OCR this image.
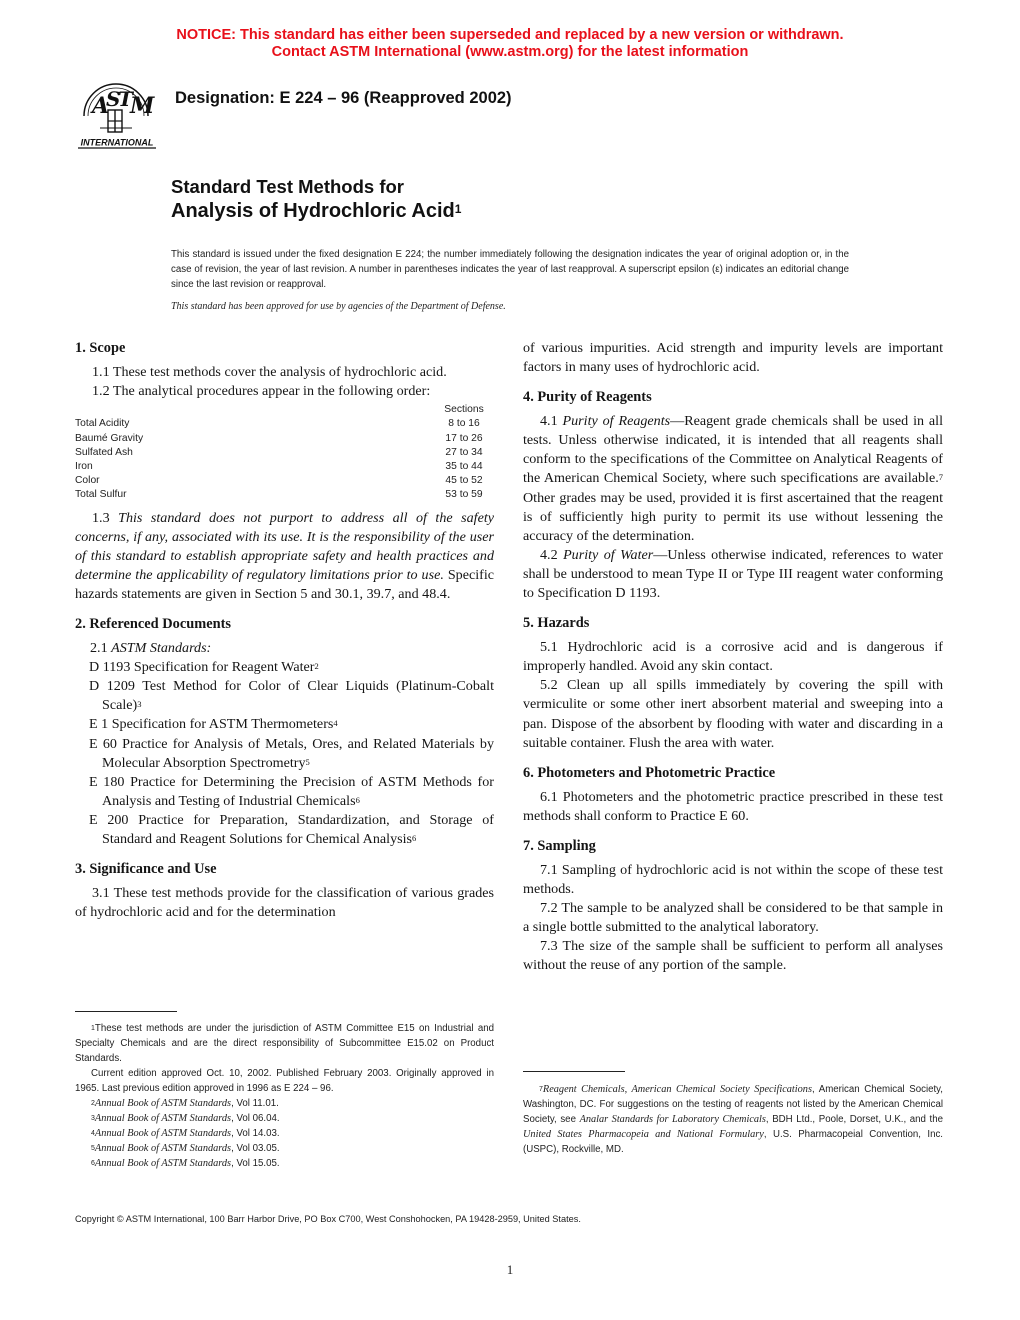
NOTICE: This standard has either been superseded and replaced by a new version or withdrawn.
Contact ASTM International (www.astm.org) for the latest information
A
S
T
M
INTERNATIONAL
Designation: E 224 – 96 (Reapproved 2002)
Standard Test Methods for
Analysis of Hydrochloric Acid$^1$
This standard is issued under the fixed designation E 224; the number immediately following the designation indicates the year of original adoption or, in the case of revision, the year of last revision. A number in parentheses indicates the year of last reapproval. A superscript epsilon (ε) indicates an editorial change since the last revision or reapproval.
This standard has been approved for use by agencies of the Department of Defense.
1. Scope

1.1 These test methods cover the analysis of hydrochloric acid.

1.2 The analytical procedures appear in the following order:

Sections
Total Acidity	8 to 16
Baumé Gravity	17 to 26
Sulfated Ash	27 to 34
Iron	35 to 44
Color	45 to 52
Total Sulfur	53 to 59

1.3 This standard does not purport to address all of the safety concerns, if any, associated with its use. It is the responsibility of the user of this standard to establish appropriate safety and health practices and determine the applicability of regulatory limitations prior to use. Specific hazards statements are given in Section 5 and 30.1, 39.7, and 48.4.

2. Referenced Documents

2.1 ASTM Standards:

D 1193 Specification for Reagent Water$^2$

D 1209 Test Method for Color of Clear Liquids (Platinum-Cobalt Scale)$^3$

E 1 Specification for ASTM Thermometers$^4$

E 60 Practice for Analysis of Metals, Ores, and Related Materials by Molecular Absorption Spectrometry$^5$

E 180 Practice for Determining the Precision of ASTM Methods for Analysis and Testing of Industrial Chemicals$^6$

E 200 Practice for Preparation, Standardization, and Storage of Standard and Reagent Solutions for Chemical Analysis$^6$

3. Significance and Use

3.1 These test methods provide for the classification of various grades of hydrochloric acid and for the determination

of various impurities. Acid strength and impurity levels are important factors in many uses of hydrochloric acid.

4. Purity of Reagents

4.1 Purity of Reagents—Reagent grade chemicals shall be used in all tests. Unless otherwise indicated, it is intended that all reagents shall conform to the specifications of the Committee on Analytical Reagents of the American Chemical Society, where such specifications are available.$^7$ Other grades may be used, provided it is first ascertained that the reagent is of sufficiently high purity to permit its use without lessening the accuracy of the determination.

4.2 Purity of Water—Unless otherwise indicated, references to water shall be understood to mean Type II or Type III reagent water conforming to Specification D 1193.

5. Hazards

5.1 Hydrochloric acid is a corrosive acid and is dangerous if improperly handled. Avoid any skin contact.

5.2 Clean up all spills immediately by covering the spill with vermiculite or some other inert absorbent material and sweeping into a pan. Dispose of the absorbent by flooding with water and discarding in a suitable container. Flush the area with water.

6. Photometers and Photometric Practice

6.1 Photometers and the photometric practice prescribed in these test methods shall conform to Practice E 60.

7. Sampling

7.1 Sampling of hydrochloric acid is not within the scope of these test methods.

7.2 The sample to be analyzed shall be considered to be that sample in a single bottle submitted to the analytical laboratory.

7.3 The size of the sample shall be sufficient to perform all analyses without the reuse of any portion of the sample.

$^1$These test methods are under the jurisdiction of ASTM Committee E15 on Industrial and Specialty Chemicals and are the direct responsibility of Subcommittee E15.02 on Product Standards.

Current edition approved Oct. 10, 2002. Published February 2003. Originally approved in 1965. Last previous edition approved in 1996 as E 224 – 96.

$^2$Annual Book of ASTM Standards, Vol 11.01.

$^3$Annual Book of ASTM Standards, Vol 06.04.

$^4$Annual Book of ASTM Standards, Vol 14.03.

$^5$Annual Book of ASTM Standards, Vol 03.05.

$^6$Annual Book of ASTM Standards, Vol 15.05.

$^7$Reagent Chemicals, American Chemical Society Specifications, American Chemical Society, Washington, DC. For suggestions on the testing of reagents not listed by the American Chemical Society, see Analar Standards for Laboratory Chemicals, BDH Ltd., Poole, Dorset, U.K., and the United States Pharmacopeia and National Formulary, U.S. Pharmacopeial Convention, Inc. (USPC), Rockville, MD.

Copyright © ASTM International, 100 Barr Harbor Drive, PO Box C700, West Conshohocken, PA 19428-2959, United States.
1
